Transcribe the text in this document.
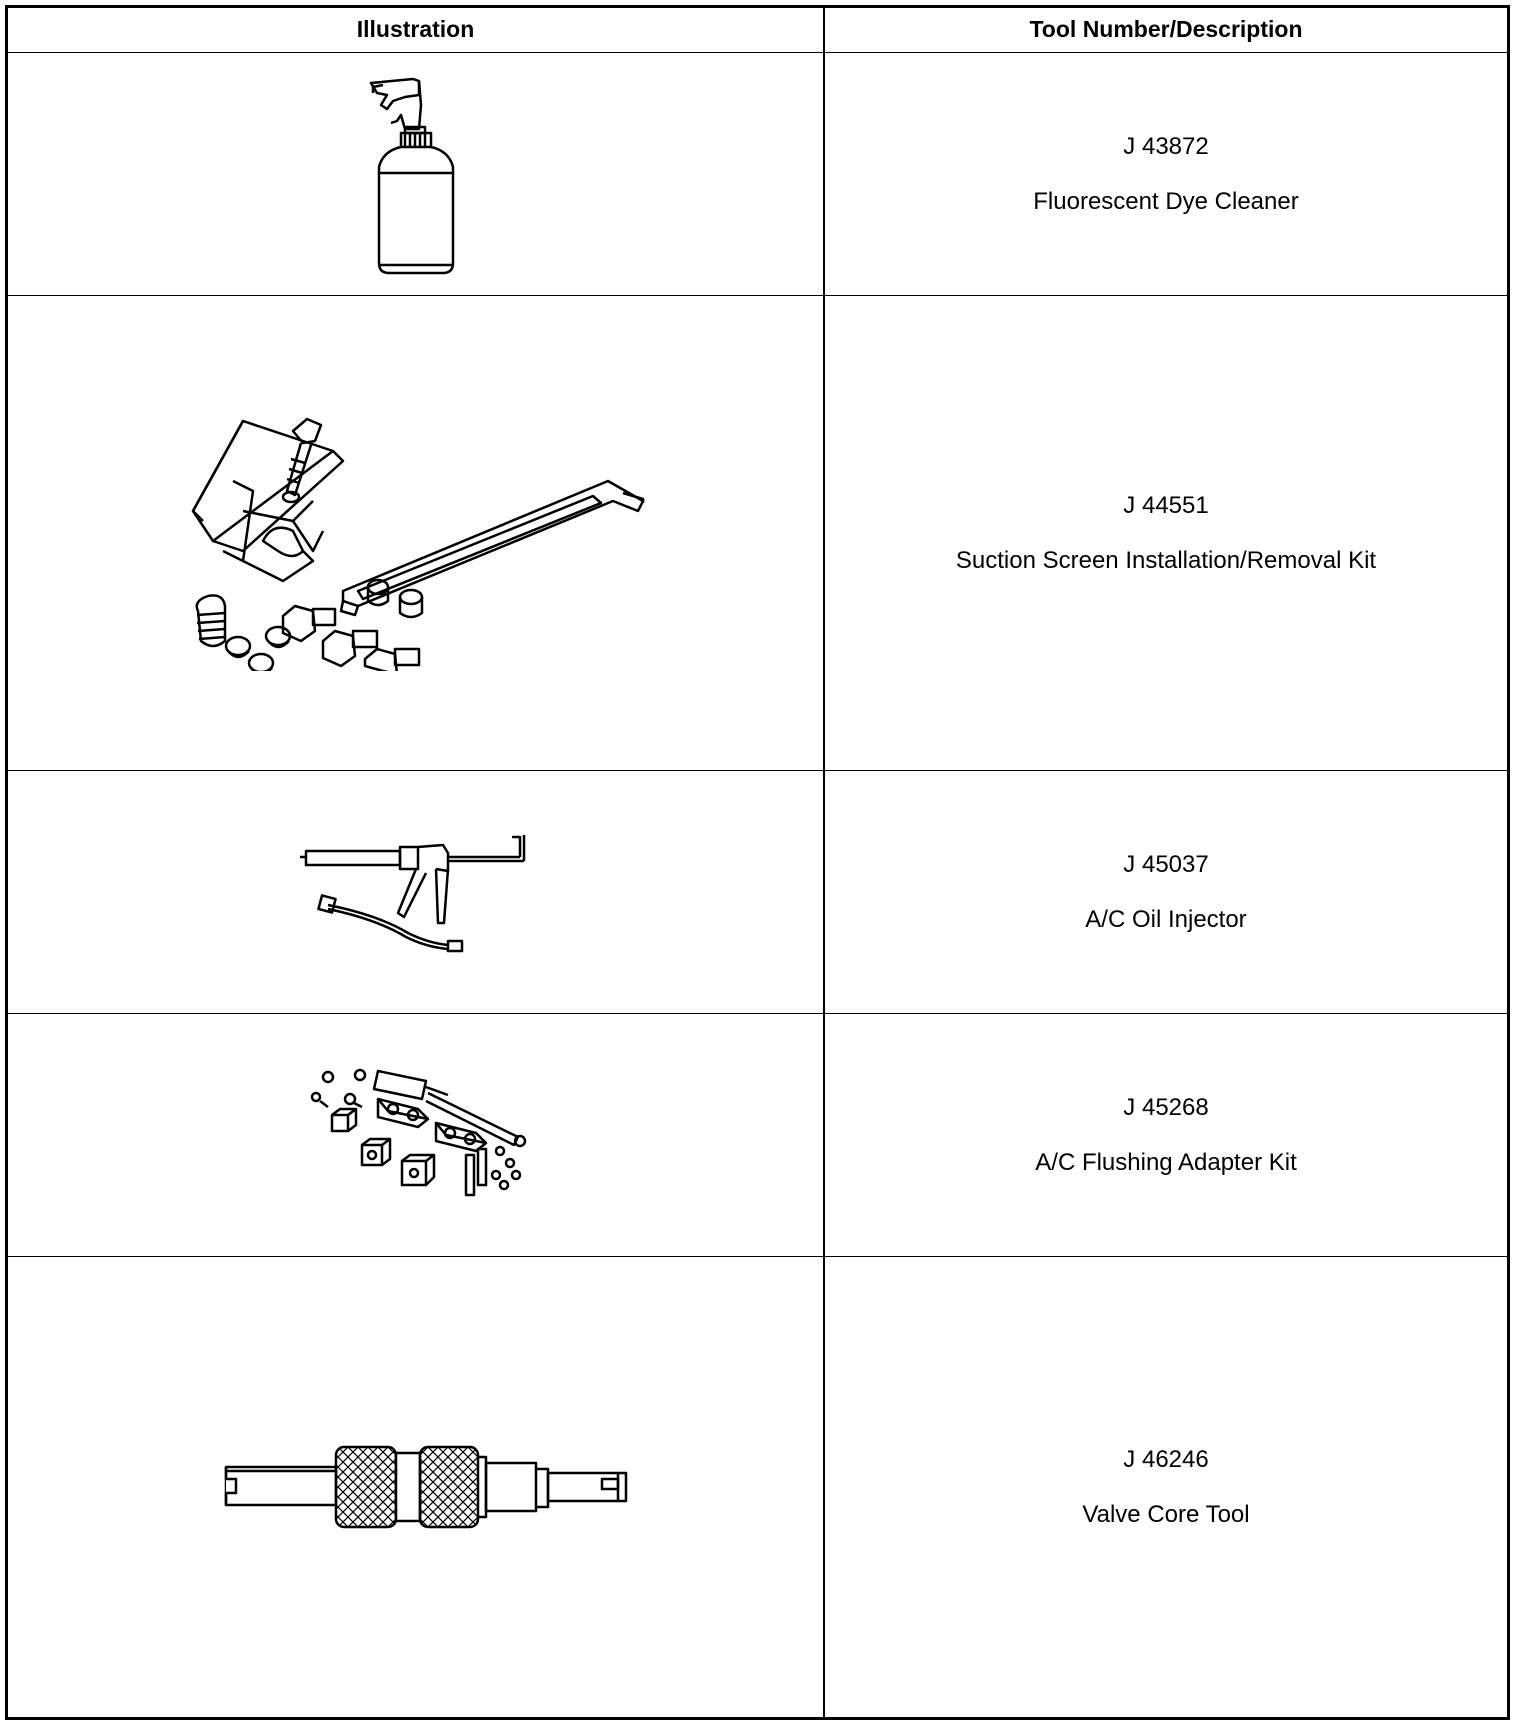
Illustration	Tool Number/Description
J 43872
Fluorescent Dye Cleaner
J 44551
Suction Screen Installation/Removal Kit
J 45037
A/C Oil Injector
J 45268
A/C Flushing Adapter Kit
J 46246
Valve Core Tool
